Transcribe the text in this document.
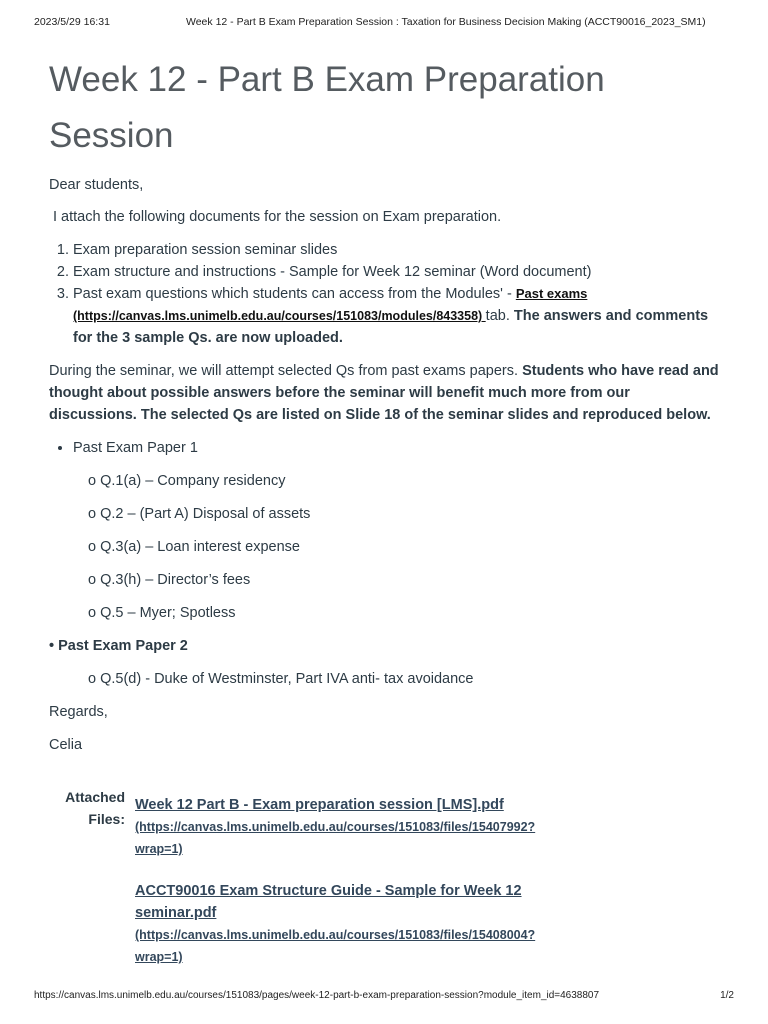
2023/5/29 16:31	Week 12 - Part B Exam Preparation Session : Taxation for Business Decision Making (ACCT90016_2023_SM1)
Week 12 - Part B Exam Preparation Session

Dear students,

I attach the following documents for the session on Exam preparation.

1. Exam preparation session seminar slides
2. Exam structure and instructions - Sample for Week 12 seminar (Word document)
3. Past exam questions which students can access from the Modules' - Past exams
(https://canvas.lms.unimelb.edu.au/courses/151083/modules/843358) tab. The answers and comments for the 3 sample Qs. are now uploaded.

During the seminar, we will attempt selected Qs from past exams papers. Students who have read and thought about possible answers before the seminar will benefit much more from our discussions. The selected Qs are listed on Slide 18 of the seminar slides and reproduced below.

• Past Exam Paper 1
o Q.1(a) – Company residency
o Q.2 – (Part A) Disposal of assets
o Q.3(a) – Loan interest expense
o Q.3(h) – Director’s fees
o Q.5 – Myer; Spotless

• Past Exam Paper 2

o Q.5(d) - Duke of Westminster, Part IVA anti- tax avoidance

Regards,

Celia

Attached
Files:
Week 12 Part B - Exam preparation session [LMS].pdf
(https://canvas.lms.unimelb.edu.au/courses/151083/files/15407992?
wrap=1)
ACCT90016 Exam Structure Guide - Sample for Week 12 seminar.pdf
(https://canvas.lms.unimelb.edu.au/courses/151083/files/15408004?
wrap=1)
https://canvas.lms.unimelb.edu.au/courses/151083/pages/week-12-part-b-exam-preparation-session?module_item_id=4638807	1/2
